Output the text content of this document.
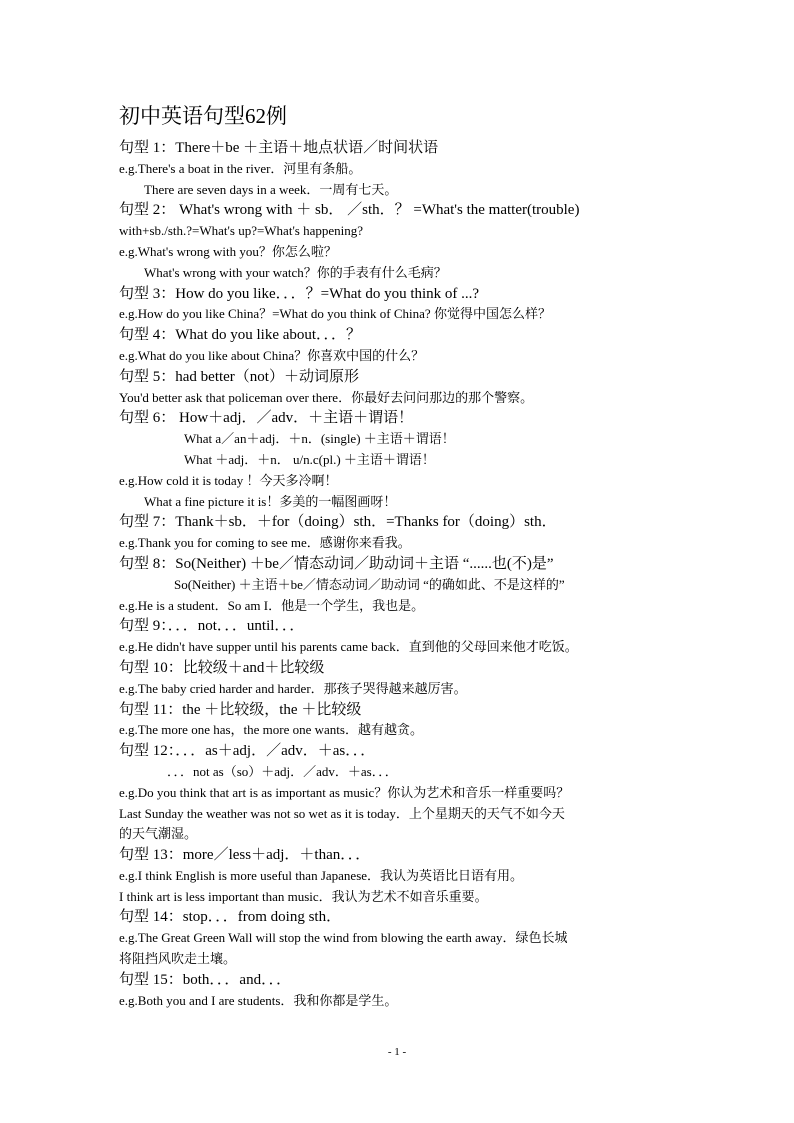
初中英语句型62例
句型 1：There＋be ＋主语＋地点状语／时间状语
e.g.There's a boat in the river．河里有条船。
There are seven days in a week．一周有七天。
句型 2： What's wrong with ＋ sb． ／sth．？ =What's the matter(trouble)
with+sb./sth.?=What's up?=What's happening?
e.g.What's wrong with you？你怎么啦？
What's wrong with your watch？你的手表有什么毛病？
句型 3：How do you like．．．？=What do you think of ...?
e.g.How do you like China？=What do you think of China? 你觉得中国怎么样？
句型 4：What do you like about．．．？
e.g.What do you like about China？你喜欢中国的什么？
句型 5：had better（not）＋动词原形
You'd better ask that policeman over there．你最好去问问那边的那个警察。
句型 6： How＋adj．／adv．＋主语＋谓语！
What a／an＋adj．＋n．(single) ＋主语＋谓语！
What ＋adj．＋n． u/n.c(pl.) ＋主语＋谓语！
e.g.How cold it is today ！今天多冷啊！
What a fine picture it is！多美的一幅图画呀！
句型 7：Thank＋sb．＋for（doing）sth．=Thanks for（doing）sth．
e.g.Thank you for coming to see me．感谢你来看我。
句型 8：So(Neither) ＋be／情态动词／助动词＋主语 “......也(不)是”
So(Neither) ＋主语＋be／情态动词／助动词 “的确如此、不是这样的”
e.g.He is a student．So am I．他是一个学生，我也是。
句型 9：．．．not．．．until．．．
e.g.He didn't have supper until his parents came back．直到他的父母回来他才吃饭。
句型 10：比较级＋and＋比较级
e.g.The baby cried harder and harder．那孩子哭得越来越厉害。
句型 11：the ＋比较级，the ＋比较级
e.g.The more one has，the more one wants．越有越贪。
句型 12：．．．as＋adj．／adv．＋as．．．
．．．not as（so）＋adj．／adv．＋as．．．
e.g.Do you think that art is as important as music？你认为艺术和音乐一样重要吗？
Last Sunday the weather was not so wet as it is today．上个星期天的天气不如今天
的天气潮湿。
句型 13：more／less＋adj．＋than．．．
e.g.I think English is more useful than Japanese．我认为英语比日语有用。
I think art is less important than music．我认为艺术不如音乐重要。
句型 14：stop．．．from doing sth．
e.g.The Great Green Wall will stop the wind from blowing the earth away．绿色长城
将阻挡风吹走土壤。
句型 15：both．．．and．．．
e.g.Both you and I are students．我和你都是学生。
- 1 -
